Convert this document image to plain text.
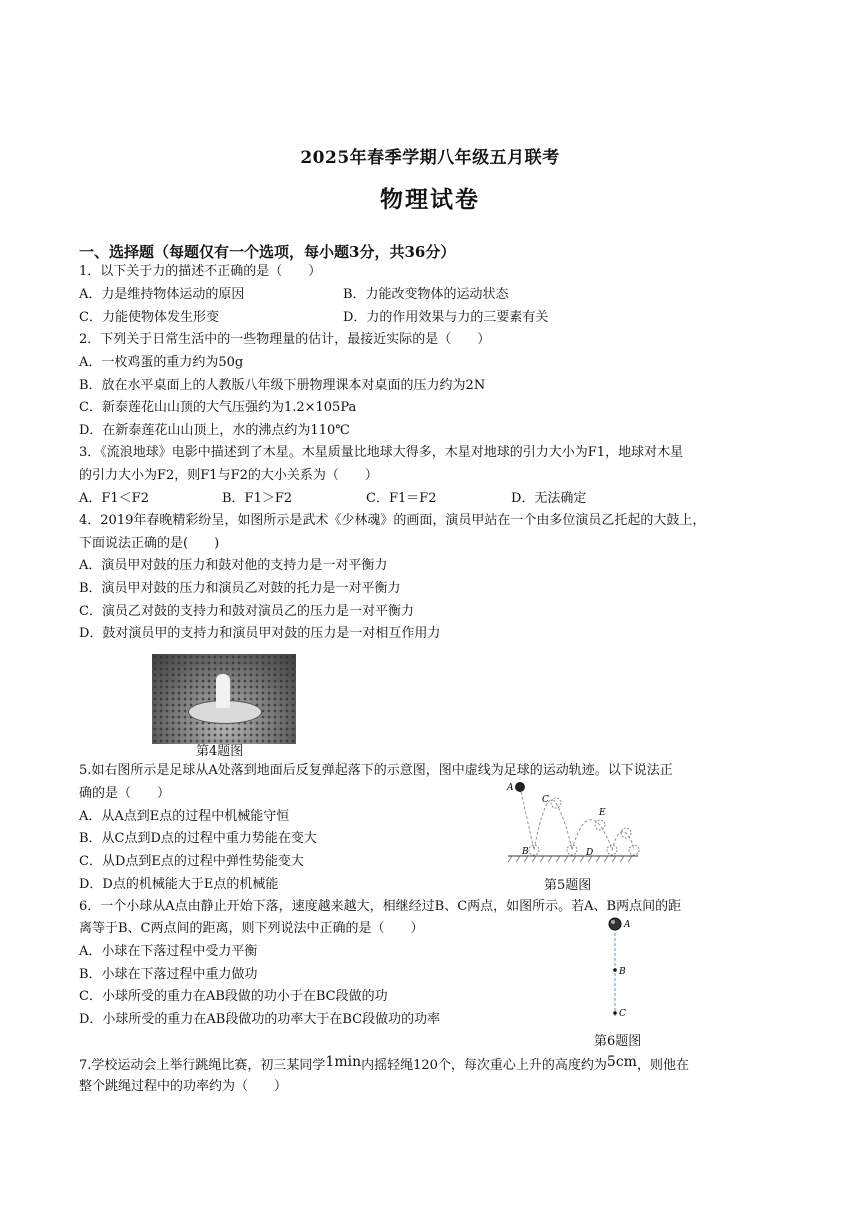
2025年春季学期八年级五月联考
物理试卷
一、选择题（每题仅有一个选项，每小题3分，共36分）
1．以下关于力的描述不正确的是（　　）
A．力是维持物体运动的原因	B．力能改变物体的运动状态
C．力能使物体发生形变	D．力的作用效果与力的三要素有关
2．下列关于日常生活中的一些物理量的估计，最接近实际的是（　　）
A．一枚鸡蛋的重力约为50g
B．放在水平桌面上的人教版八年级下册物理课本对桌面的压力约为2N
C．新泰莲花山山顶的大气压强约为1.2×105Pa
D．在新泰莲花山山顶上，水的沸点约为110℃
3．《流浪地球》电影中描述到了木星。木星质量比地球大得多，木星对地球的引力大小为F1，地球对木星
的引力大小为F2，则F1与F2的大小关系为（　　）
A．F1＜F2	B．F1＞F2	C．F1＝F2	D．无法确定
4．2019年春晚精彩纷呈，如图所示是武术《少林魂》的画面，演员甲站在一个由多位演员乙托起的大鼓上，
下面说法正确的是(　　)
A．演员甲对鼓的压力和鼓对他的支持力是一对平衡力
B．演员甲对鼓的压力和演员乙对鼓的托力是一对平衡力
C．演员乙对鼓的支持力和鼓对演员乙的压力是一对平衡力
D．鼓对演员甲的支持力和演员甲对鼓的压力是一对相互作用力
第4题图
5.如右图所示是足球从A处落到地面后反复弹起落下的示意图，图中虚线为足球的运动轨迹。以下说法正
确的是（　　）
A．从A点到E点的过程中机械能守恒
B．从C点到D点的过程中重力势能在变大
C．从D点到E点的过程中弹性势能变大
D．D点的机械能大于E点的机械能
A
B
C
D
E
第5题图
6．一个小球从A点由静止开始下落，速度越来越大，相继经过B、C两点，如图所示。若A、B两点间的距
离等于B、C两点间的距离，则下列说法中正确的是（　　）
A．小球在下落过程中受力平衡
B．小球在下落过程中重力做功
C．小球所受的重力在AB段做的功小于在BC段做的功
D．小球所受的重力在AB段做功的功率大于在BC段做功的功率
A
B
C
第6题图
7.学校运动会上举行跳绳比赛，初三某同学1min内摇轻绳120个，每次重心上升的高度约为5cm，则他在
整个跳绳过程中的功率约为（　　）
